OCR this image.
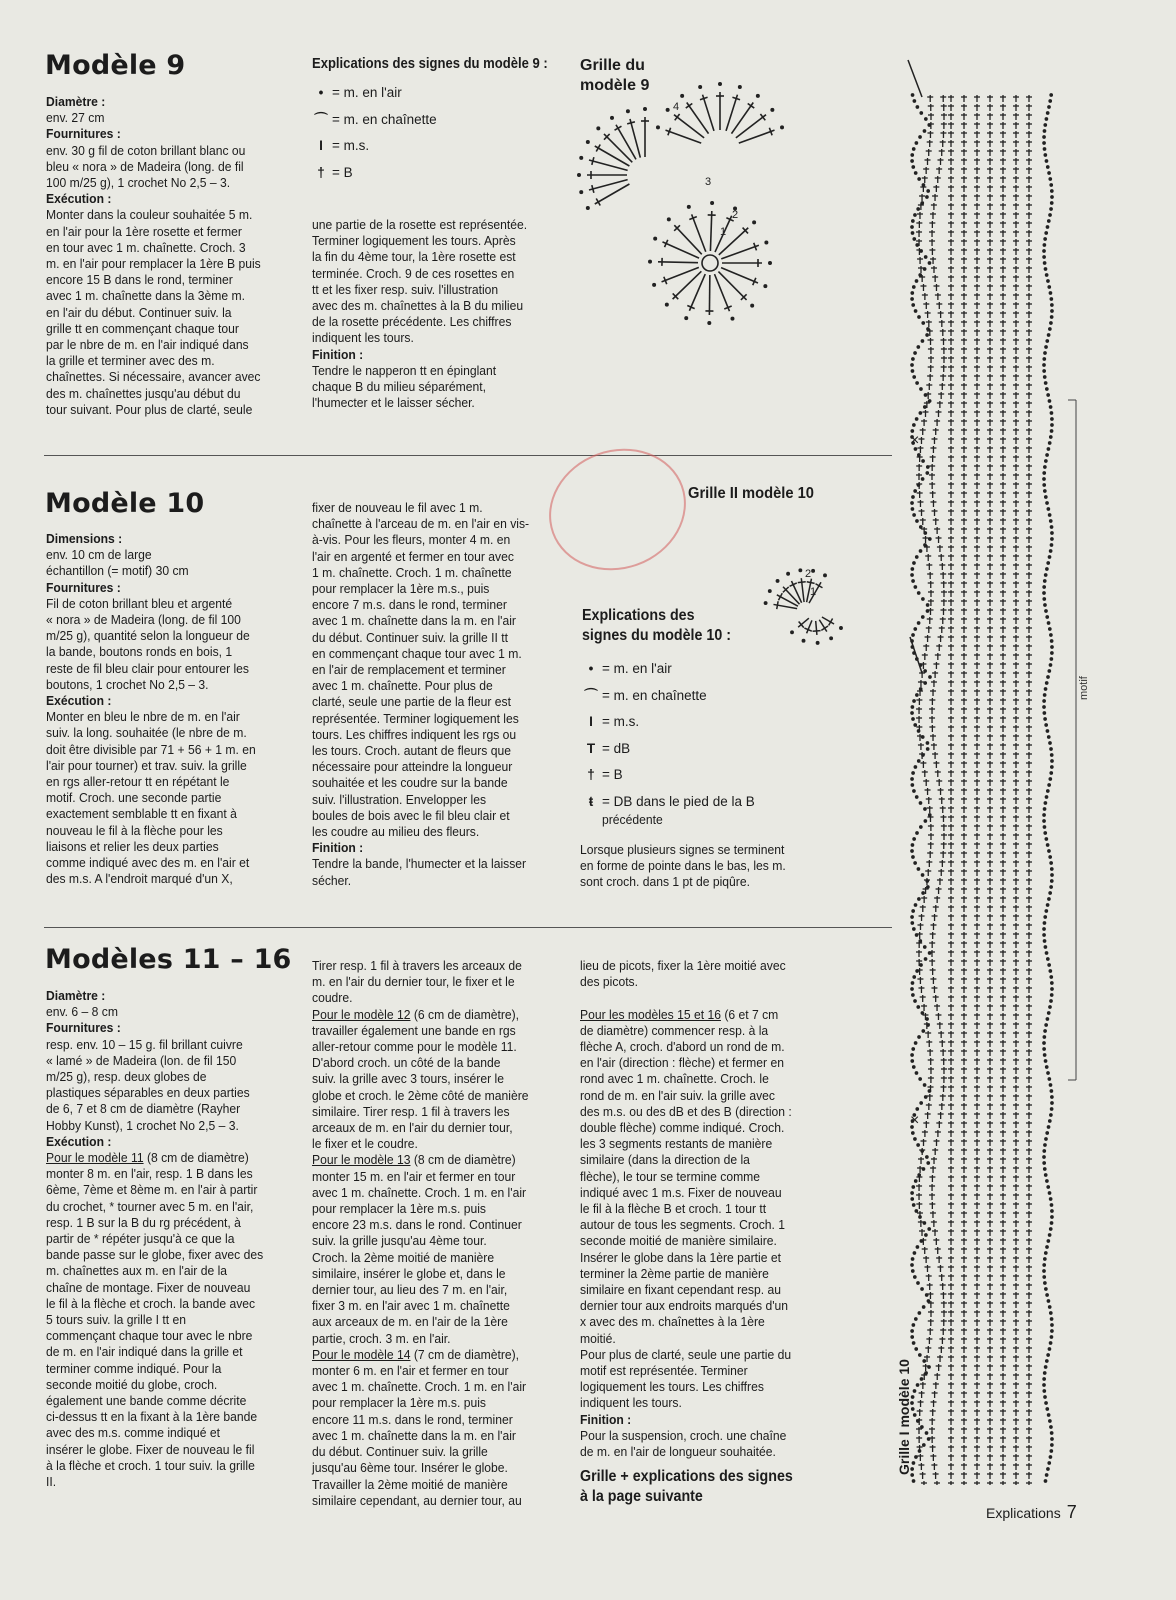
Modèle 9

Diamètre :

env. 27 cm

Fournitures :

env. 30 g fil de coton brillant blanc ou

bleu « nora » de Madeira (long. de fil

100 m/25 g), 1 crochet No 2,5 – 3.

Exécution :

Monter dans la couleur souhaitée 5 m.

en l'air pour la 1ère rosette et fermer

en tour avec 1 m. chaînette. Croch. 3

m. en l'air pour remplacer la 1ère B puis

encore 15 B dans le rond, terminer

avec 1 m. chaînette dans la 3ème m.

en l'air du début. Continuer suiv. la

grille tt en commençant chaque tour

par le nbre de m. en l'air indiqué dans

la grille et terminer avec des m.

chaînettes. Si nécessaire, avancer avec

des m. chaînettes jusqu'au début du

tour suivant. Pour plus de clarté, seule

Explications des signes du modèle 9 :
• = m. en l'air
⌒ = m. en chaînette
I = m.s.
† = B

une partie de la rosette est représentée.

Terminer logiquement les tours. Après

la fin du 4ème tour, la 1ère rosette est

terminée. Croch. 9 de ces rosettes en

tt et les fixer resp. suiv. l'illustration

avec des m. chaînettes à la B du milieu

de la rosette précédente. Les chiffres

indiquent les tours.

Finition :

Tendre le napperon tt en épinglant

chaque B du milieu séparément,

l'humecter et le laisser sécher.

Grille du
modèle 9
4
2
1
3
Modèle 10

Dimensions :

env. 10 cm de large

échantillon (= motif) 30 cm

Fournitures :

Fil de coton brillant bleu et argenté

« nora » de Madeira (long. de fil 100

m/25 g), quantité selon la longueur de

la bande, boutons ronds en bois, 1

reste de fil bleu clair pour entourer les

boutons, 1 crochet No 2,5 – 3.

Exécution :

Monter en bleu le nbre de m. en l'air

suiv. la long. souhaitée (le nbre de m.

doit être divisible par 71 + 56 + 1 m. en

l'air pour tourner) et trav. suiv. la grille

en rgs aller-retour tt en répétant le

motif. Croch. une seconde partie

exactement semblable tt en fixant à

nouveau le fil à la flèche pour les

liaisons et relier les deux parties

comme indiqué avec des m. en l'air et

des m.s. A l'endroit marqué d'un X,

fixer de nouveau le fil avec 1 m.

chaînette à l'arceau de m. en l'air en vis-

à-vis. Pour les fleurs, monter 4 m. en

l'air en argenté et fermer en tour avec

1 m. chaînette. Croch. 1 m. chaînette

pour remplacer la 1ère m.s., puis

encore 7 m.s. dans le rond, terminer

avec 1 m. chaînette dans la m. en l'air

du début. Continuer suiv. la grille II tt

en commençant chaque tour avec 1 m.

en l'air de remplacement et terminer

avec 1 m. chaînette. Pour plus de

clarté, seule une partie de la fleur est

représentée. Terminer logiquement les

tours. Les chiffres indiquent les rgs ou

les tours. Croch. autant de fleurs que

nécessaire pour atteindre la longueur

souhaitée et les coudre sur la bande

suiv. l'illustration. Envelopper les

boules de bois avec le fil bleu clair et

les coudre au milieu des fleurs.

Finition :

Tendre la bande, l'humecter et la laisser

sécher.

Grille II modèle 10
2
1
Explications des
signes du modèle 10 :
• = m. en l'air
⌒ = m. en chaînette
I = m.s.
T = dB
† = B
ŧ = DB dans le pied de la B

précédente

Lorsque plusieurs signes se terminent

en forme de pointe dans le bas, les m.

sont croch. dans 1 pt de piqûre.

Modèles 11 – 16

Diamètre :

env. 6 – 8 cm

Fournitures :

resp. env. 10 – 15 g. fil brillant cuivre

« lamé » de Madeira (lon. de fil 150

m/25 g), resp. deux globes de

plastiques séparables en deux parties

de 6, 7 et 8 cm de diamètre (Rayher

Hobby Kunst), 1 crochet No 2,5 – 3.

Exécution :

Pour le modèle 11 (8 cm de diamètre)

monter 8 m. en l'air, resp. 1 B dans les

6ème, 7ème et 8ème m. en l'air à partir

du crochet, * tourner avec 5 m. en l'air,

resp. 1 B sur la B du rg précédent, à

partir de * répéter jusqu'à ce que la

bande passe sur le globe, fixer avec des

m. chaînettes aux m. en l'air de la

chaîne de montage. Fixer de nouveau

le fil à la flèche et croch. la bande avec

5 tours suiv. la grille I tt en

commençant chaque tour avec le nbre

de m. en l'air indiqué dans la grille et

terminer comme indiqué. Pour la

seconde moitié du globe, croch.

également une bande comme décrite

ci-dessus tt en la fixant à la 1ère bande

avec des m.s. comme indiqué et

insérer le globe. Fixer de nouveau le fil

à la flèche et croch. 1 tour suiv. la grille

II.

Tirer resp. 1 fil à travers les arceaux de

m. en l'air du dernier tour, le fixer et le

coudre.

Pour le modèle 12 (6 cm de diamètre),

travailler également une bande en rgs

aller-retour comme pour le modèle 11.

D'abord croch. un côté de la bande

suiv. la grille avec 3 tours, insérer le

globe et croch. le 2ème côté de manière

similaire. Tirer resp. 1 fil à travers les

arceaux de m. en l'air du dernier tour,

le fixer et le coudre.

Pour le modèle 13 (8 cm de diamètre)

monter 15 m. en l'air et fermer en tour

avec 1 m. chaînette. Croch. 1 m. en l'air

pour remplacer la 1ère m.s. puis

encore 23 m.s. dans le rond. Continuer

suiv. la grille jusqu'au 4ème tour.

Croch. la 2ème moitié de manière

similaire, insérer le globe et, dans le

dernier tour, au lieu des 7 m. en l'air,

fixer 3 m. en l'air avec 1 m. chaînette

aux arceaux de m. en l'air de la 1ère

partie, croch. 3 m. en l'air.

Pour le modèle 14 (7 cm de diamètre),

monter 6 m. en l'air et fermer en tour

avec 1 m. chaînette. Croch. 1 m. en l'air

pour remplacer la 1ère m.s. puis

encore 11 m.s. dans le rond, terminer

avec 1 m. chaînette dans la m. en l'air

du début. Continuer suiv. la grille

jusqu'au 6ème tour. Insérer le globe.

Travailler la 2ème moitié de manière

similaire cependant, au dernier tour, au

lieu de picots, fixer la 1ère moitié avec

des picots.

Pour les modèles 15 et 16 (6 et 7 cm

de diamètre) commencer resp. à la

flèche A, croch. d'abord un rond de m.

en l'air (direction : flèche) et fermer en

rond avec 1 m. chaînette. Croch. le

rond de m. en l'air suiv. la grille avec

des m.s. ou des dB et des B (direction :

double flèche) comme indiqué. Croch.

les 3 segments restants de manière

similaire (dans la direction de la

flèche), le tour se termine comme

indiqué avec 1 m.s. Fixer de nouveau

le fil à la flèche B et croch. 1 tour tt

autour de tous les segments. Croch. 1

seconde moitié de manière similaire.

Insérer le globe dans la 1ère partie et

terminer la 2ème partie de manière

similaire en fixant cependant resp. au

dernier tour aux endroits marqués d'un

x avec des m. chaînettes à la 1ère

moitié.

Pour plus de clarté, seule une partie du

motif est représentée. Terminer

logiquement les tours. Les chiffres

indiquent les tours.

Finition :

Pour la suspension, croch. une chaîne

de m. en l'air de longueur souhaitée.

Grille + explications des signes
à la page suivante
×
×
motif
Grille I modèle 10
Explications 7
